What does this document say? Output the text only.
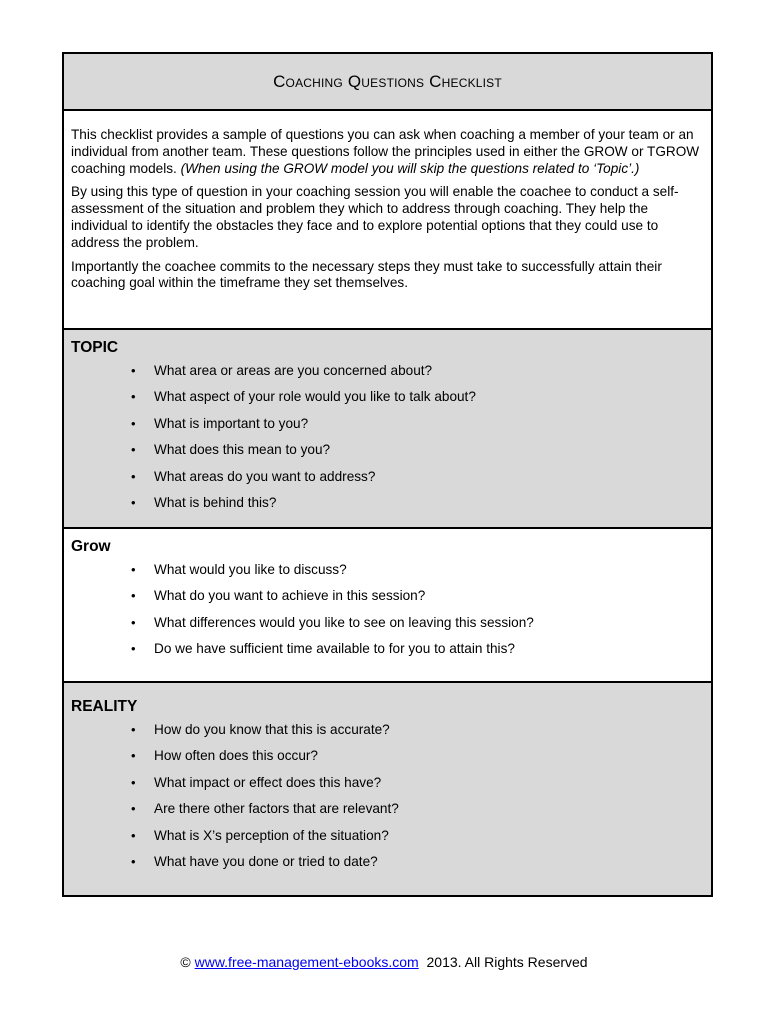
Coaching Questions Checklist

This checklist provides a sample of questions you can ask when coaching a member of your team or an individual from another team. These questions follow the principles used in either the GROW or TGROW coaching models. (When using the GROW model you will skip the questions related to ‘Topic’.)

By using this type of question in your coaching session you will enable the coachee to conduct a self-assessment of the situation and problem they which to address through coaching. They help the individual to identify the obstacles they face and to explore potential options that they could use to address the problem.

Importantly the coachee commits to the necessary steps they must take to successfully attain their coaching goal within the timeframe they set themselves.

TOPIC
• What area or areas are you concerned about?
• What aspect of your role would you like to talk about?
• What is important to you?
• What does this mean to you?
• What areas do you want to address?
• What is behind this?
Grow
• What would you like to discuss?
• What do you want to achieve in this session?
• What differences would you like to see on leaving this session?
• Do we have sufficient time available to for you to attain this?
REALITY
• How do you know that this is accurate?
• How often does this occur?
• What impact or effect does this have?
• Are there other factors that are relevant?
• What is X’s perception of the situation?
• What have you done or tried to date?
© www.free-management-ebooks.com 2013. All Rights Reserved
